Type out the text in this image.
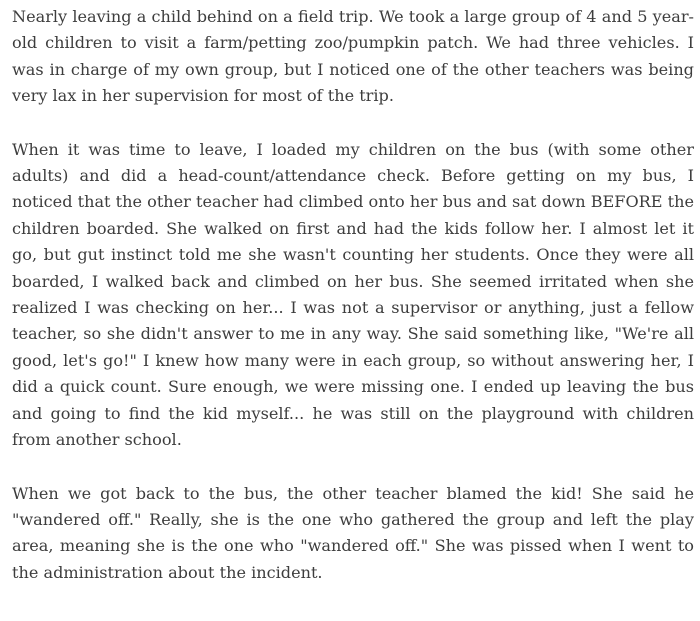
Nearly leaving a child behind on a field trip. We took a large group of 4 and 5 year-old children to visit a farm/petting zoo/pumpkin patch. We had three vehicles. I was in charge of my own group, but I noticed one of the other teachers was being very lax in her supervision for most of the trip.

When it was time to leave, I loaded my children on the bus (with some other adults) and did a head-count/attendance check. Before getting on my bus, I noticed that the other teacher had climbed onto her bus and sat down BEFORE the children boarded. She walked on first and had the kids follow her. I almost let it go, but gut instinct told me she wasn't counting her students. Once they were all boarded, I walked back and climbed on her bus. She seemed irritated when she realized I was checking on her... I was not a supervisor or anything, just a fellow teacher, so she didn't answer to me in any way. She said something like, "We're all good, let's go!" I knew how many were in each group, so without answering her, I did a quick count. Sure enough, we were missing one. I ended up leaving the bus and going to find the kid myself... he was still on the playground with children from another school.

When we got back to the bus, the other teacher blamed the kid! She said he "wandered off." Really, she is the one who gathered the group and left the play area, meaning she is the one who "wandered off." She was pissed when I went to the administration about the incident.
